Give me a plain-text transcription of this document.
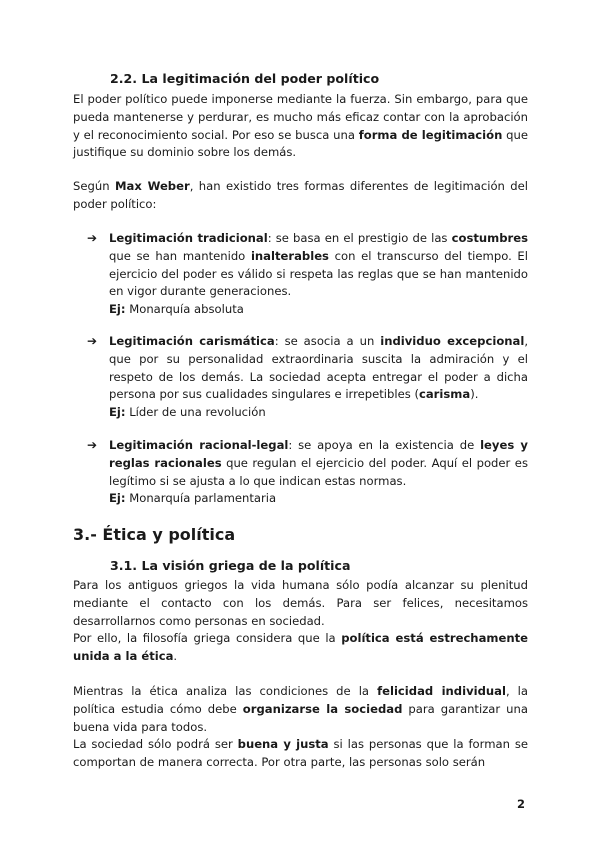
2.2. La legitimación del poder político

El poder político puede imponerse mediante la fuerza. Sin embargo, para que pueda mantenerse y perdurar, es mucho más eficaz contar con la aprobación y el reconocimiento social. Por eso se busca una forma de legitimación que justifique su dominio sobre los demás.

Según Max Weber, han existido tres formas diferentes de legitimación del poder político:

➔ Legitimación tradicional: se basa en el prestigio de las costumbres que se han mantenido inalterables con el transcurso del tiempo. El ejercicio del poder es válido si respeta las reglas que se han mantenido en vigor durante generaciones.
Ej: Monarquía absoluta
➔ Legitimación carismática: se asocia a un individuo excepcional, que por su personalidad extraordinaria suscita la admiración y el respeto de los demás. La sociedad acepta entregar el poder a dicha persona por sus cualidades singulares e irrepetibles (carisma).
Ej: Líder de una revolución
➔ Legitimación racional-legal: se apoya en la existencia de leyes y reglas racionales que regulan el ejercicio del poder. Aquí el poder es legítimo si se ajusta a lo que indican estas normas.
Ej: Monarquía parlamentaria

3.- Ética y política

3.1. La visión griega de la política

Para los antiguos griegos la vida humana sólo podía alcanzar su plenitud mediante el contacto con los demás. Para ser felices, necesitamos desarrollarnos como personas en sociedad.

Por ello, la filosofía griega considera que la política está estrechamente unida a la ética.

Mientras la ética analiza las condiciones de la felicidad individual, la política estudia cómo debe organizarse la sociedad para garantizar una buena vida para todos.

La sociedad sólo podrá ser buena y justa si las personas que la forman se comportan de manera correcta. Por otra parte, las personas solo serán

2
